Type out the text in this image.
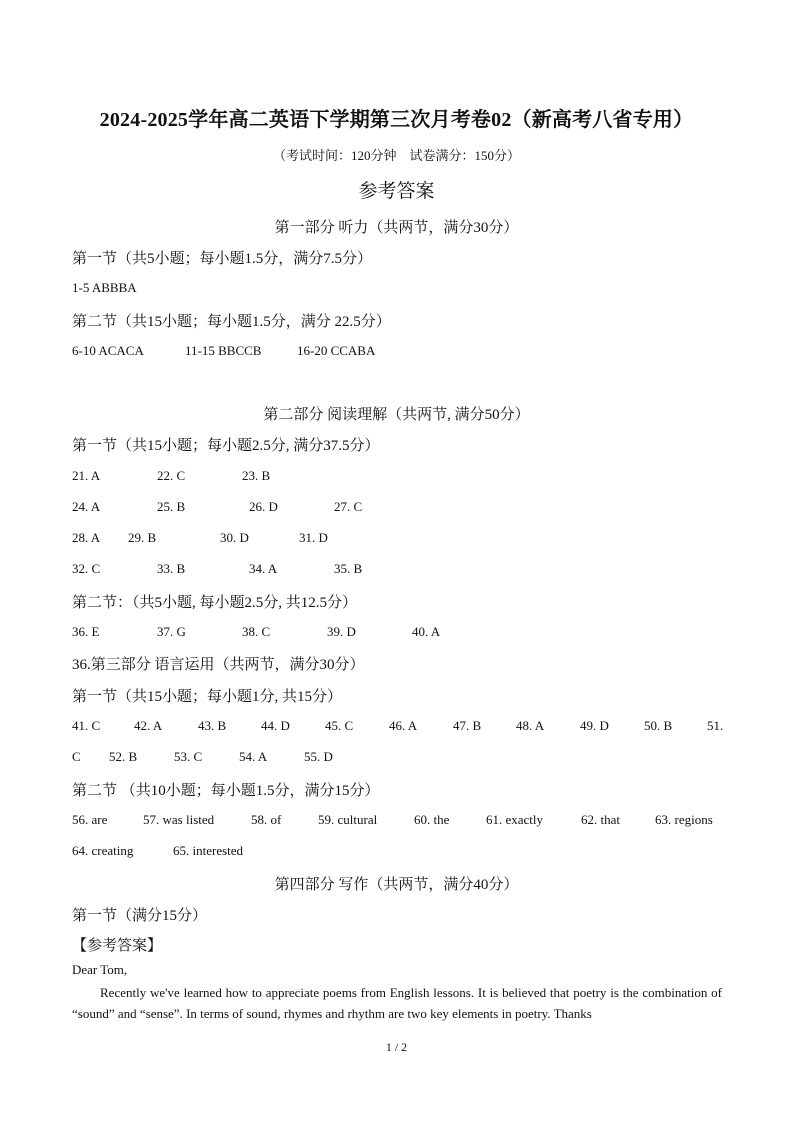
2024-2025学年高二英语下学期第三次月考卷02（新高考八省专用）
（考试时间：120分钟　试卷满分：150分）
参考答案
第一部分 听力（共两节，满分30分）
第一节（共5小题；每小题1.5分，满分7.5分）
1-5 ABBBA
第二节（共15小题；每小题1.5分，满分 22.5分）
6-10 ACACA	11-15 BBCCB	16-20 CCABA
第二部分 阅读理解（共两节, 满分50分）
第一节（共15小题；每小题2.5分, 满分37.5分）
21. A	22. C	23. B
24. A	25. B	26. D	27. C
28. A 29. B	30. D	31. D
32. C	33. B	34. A	35. B
第二节：（共5小题, 每小题2.5分, 共12.5分）
36. E	37. G	38. C	39. D	40. A
36.第三部分 语言运用（共两节，满分30分）
第一节（共15小题；每小题1分, 共15分）
41. C	42. A	43. B	44. D	45. C	46. A	47. B	48. A	49. D	50. B	51.
C 52. B	53. C	54. A	55. D
第二节 （共10小题；每小题1.5分，满分15分）
56. are	57. was listed	58. of	59. cultural	60. the	61. exactly	62. that	63. regions
64. creating	65. interested
第四部分 写作（共两节，满分40分）
第一节（满分15分）
【参考答案】
Dear Tom,
Recently we've learned how to appreciate poems from English lessons. It is believed that poetry is the combination of “sound” and “sense”. In terms of sound, rhymes and rhythm are two key elements in poetry. Thanks
1 / 2
